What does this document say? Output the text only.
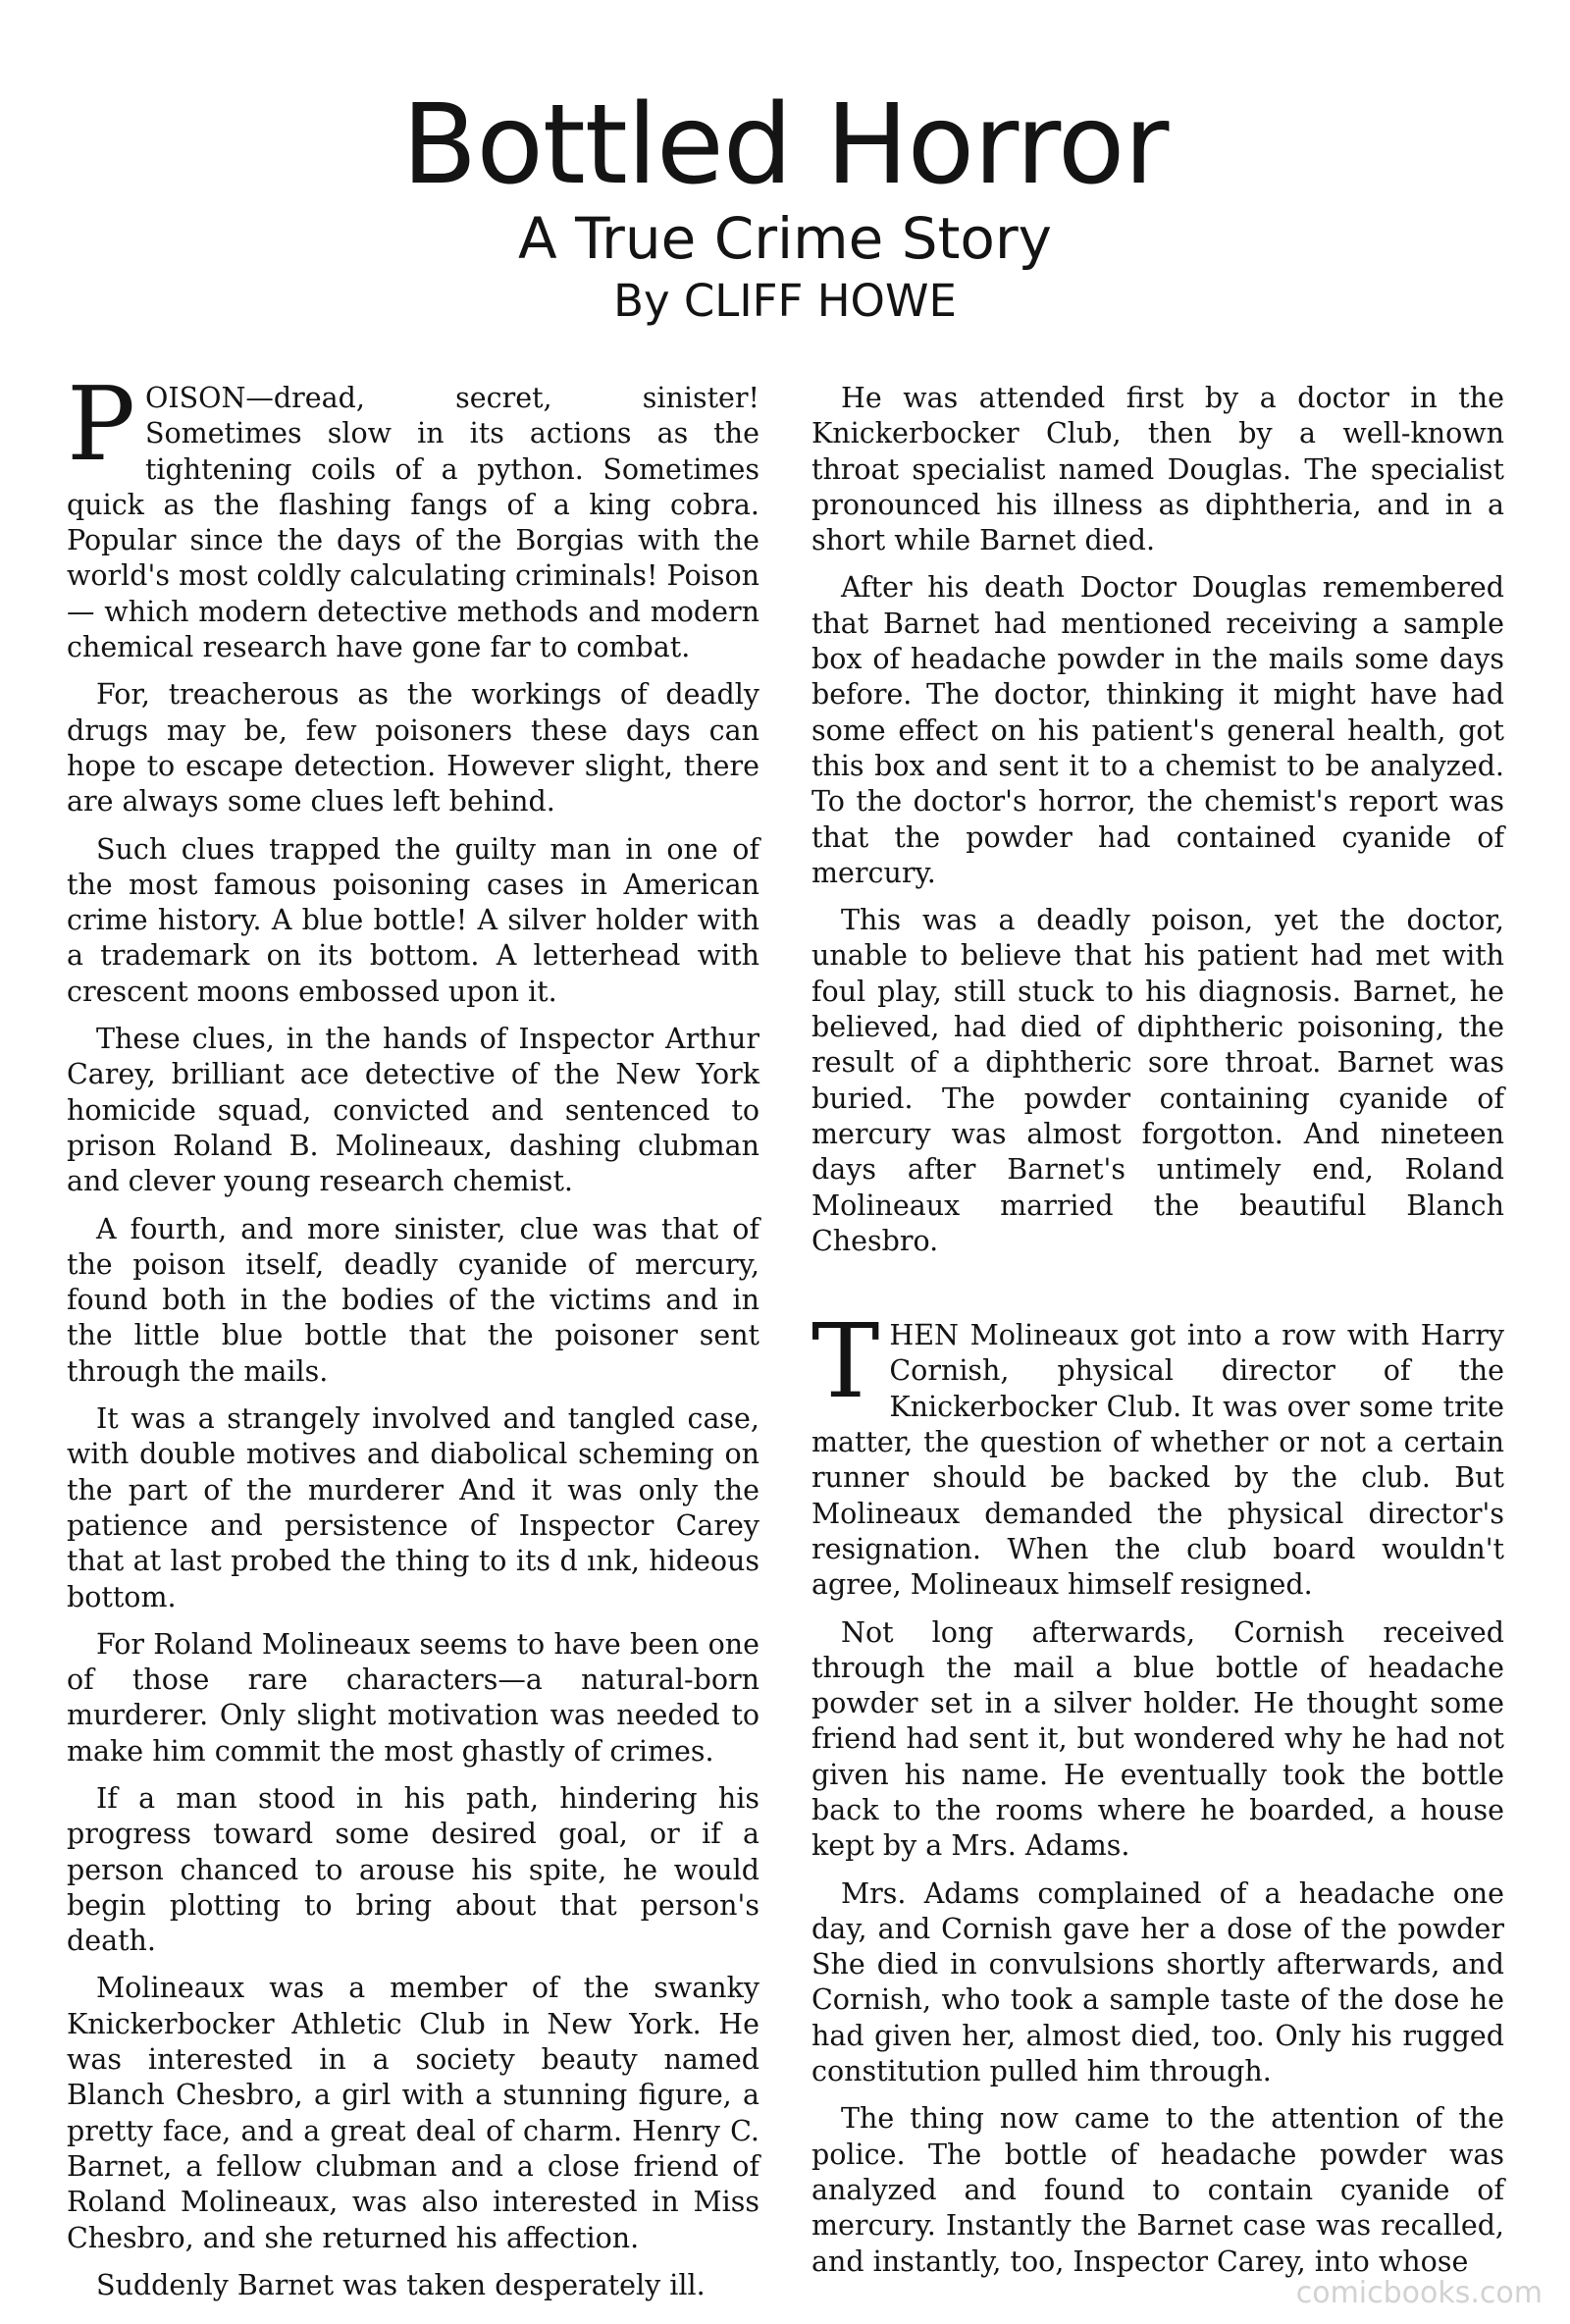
Bottled Horror
A True Crime Story
By CLIFF HOWE

POISON—dread, secret, sinister! Sometimes slow in its actions as the tightening coils of a python. Sometimes quick as the flashing fangs of a king cobra. Popular since the days of the Borgias with the world's most coldly calculating criminals! Poison — which modern detective methods and modern chemical research have gone far to combat.

For, treacherous as the workings of deadly drugs may be, few poisoners these days can hope to escape detection. However slight, there are always some clues left behind.

Such clues trapped the guilty man in one of the most famous poisoning cases in American crime history. A blue bottle! A silver holder with a trademark on its bottom. A letterhead with crescent moons embossed upon it.

These clues, in the hands of Inspector Arthur Carey, brilliant ace detective of the New York homicide squad, convicted and sentenced to prison Roland B. Molineaux, dashing clubman and clever young research chemist.

A fourth, and more sinister, clue was that of the poison itself, deadly cyanide of mercury, found both in the bodies of the victims and in the little blue bottle that the poisoner sent through the mails.

It was a strangely involved and tangled case, with double motives and diabolical scheming on the part of the murderer And it was only the patience and persistence of Inspector Carey that at last probed the thing to its d ınk, hideous bottom.

For Roland Molineaux seems to have been one of those rare characters—a natural-born murderer. Only slight motivation was needed to make him commit the most ghastly of crimes.

If a man stood in his path, hindering his progress toward some desired goal, or if a person chanced to arouse his spite, he would begin plotting to bring about that person's death.

Molineaux was a member of the swanky Knickerbocker Athletic Club in New York. He was interested in a society beauty named Blanch Chesbro, a girl with a stunning figure, a pretty face, and a great deal of charm. Henry C. Barnet, a fellow clubman and a close friend of Roland Molineaux, was also interested in Miss Chesbro, and she returned his affection.

Suddenly Barnet was taken desperately ill.

He was attended first by a doctor in the Knickerbocker Club, then by a well-known throat specialist named Douglas. The specialist pronounced his illness as diphtheria, and in a short while Barnet died.

After his death Doctor Douglas remembered that Barnet had mentioned receiving a sample box of headache powder in the mails some days before. The doctor, thinking it might have had some effect on his patient's general health, got this box and sent it to a chemist to be analyzed. To the doctor's horror, the chemist's report was that the powder had contained cyanide of mercury.

This was a deadly poison, yet the doctor, unable to believe that his patient had met with foul play, still stuck to his diagnosis. Barnet, he believed, had died of diphtheric poisoning, the result of a diphtheric sore throat. Barnet was buried. The powder containing cyanide of mercury was almost forgotton. And nineteen days after Barnet's untimely end, Roland Molineaux married the beautiful Blanch Chesbro.

THEN Molineaux got into a row with Harry Cornish, physical director of the Knickerbocker Club. It was over some trite matter, the question of whether or not a certain runner should be backed by the club. But Molineaux demanded the physical director's resignation. When the club board wouldn't agree, Molineaux himself resigned.

Not long afterwards, Cornish received through the mail a blue bottle of headache powder set in a silver holder. He thought some friend had sent it, but wondered why he had not given his name. He eventually took the bottle back to the rooms where he boarded, a house kept by a Mrs. Adams.

Mrs. Adams complained of a headache one day, and Cornish gave her a dose of the powder She died in convulsions shortly afterwards, and Cornish, who took a sample taste of the dose he had given her, almost died, too. Only his rugged constitution pulled him through.

The thing now came to the attention of the police. The bottle of headache powder was analyzed and found to contain cyanide of mercury. Instantly the Barnet case was recalled, and instantly, too, Inspector Carey, into whose

comicbooks.com
